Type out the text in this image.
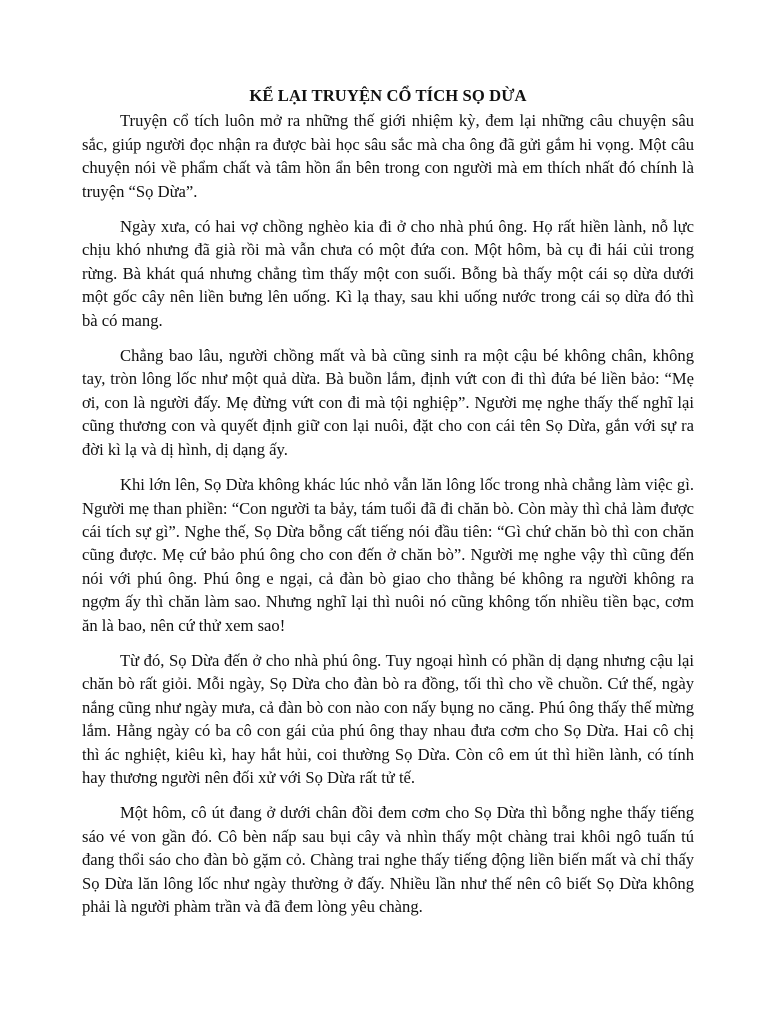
KỂ LẠI TRUYỆN CỔ TÍCH SỌ DỪA

Truyện cổ tích luôn mở ra những thế giới nhiệm kỳ, đem lại những câu chuyện sâu sắc, giúp người đọc nhận ra được bài học sâu sắc mà cha ông đã gửi gắm hi vọng. Một câu chuyện nói về phẩm chất và tâm hồn ẩn bên trong con người mà em thích nhất đó chính là truyện “Sọ Dừa”.

Ngày xưa, có hai vợ chồng nghèo kia đi ở cho nhà phú ông. Họ rất hiền lành, nỗ lực chịu khó nhưng đã già rồi mà vẫn chưa có một đứa con. Một hôm, bà cụ đi hái củi trong rừng. Bà khát quá nhưng chẳng tìm thấy một con suối. Bỗng bà thấy một cái sọ dừa dưới một gốc cây nên liền bưng lên uống. Kì lạ thay, sau khi uống nước trong cái sọ dừa đó thì bà có mang.

Chẳng bao lâu, người chồng mất và bà cũng sinh ra một cậu bé không chân, không tay, tròn lông lốc như một quả dừa. Bà buồn lắm, định vứt con đi thì đứa bé liền bảo: “Mẹ ơi, con là người đấy. Mẹ đừng vứt con đi mà tội nghiệp”. Người mẹ nghe thấy thế nghĩ lại cũng thương con và quyết định giữ con lại nuôi, đặt cho con cái tên Sọ Dừa, gắn với sự ra đời kì lạ và dị hình, dị dạng ấy.

Khi lớn lên, Sọ Dừa không khác lúc nhỏ vẫn lăn lông lốc trong nhà chẳng làm việc gì. Người mẹ than phiền: “Con người ta bảy, tám tuổi đã đi chăn bò. Còn mày thì chả làm được cái tích sự gì”. Nghe thế, Sọ Dừa bỗng cất tiếng nói đầu tiên: “Gì chứ chăn bò thì con chăn cũng được. Mẹ cứ bảo phú ông cho con đến ở chăn bò”. Người mẹ nghe vậy thì cũng đến nói với phú ông. Phú ông e ngại, cả đàn bò giao cho thằng bé không ra người không ra ngợm ấy thì chăn làm sao. Nhưng nghĩ lại thì nuôi nó cũng không tốn nhiều tiền bạc, cơm ăn là bao, nên cứ thử xem sao!

Từ đó, Sọ Dừa đến ở cho nhà phú ông. Tuy ngoại hình có phần dị dạng nhưng cậu lại chăn bò rất giỏi. Mỗi ngày, Sọ Dừa cho đàn bò ra đồng, tối thì cho về chuồn. Cứ thế, ngày nắng cũng như ngày mưa, cả đàn bò con nào con nấy bụng no căng. Phú ông thấy thế mừng lắm. Hằng ngày có ba cô con gái của phú ông thay nhau đưa cơm cho Sọ Dừa. Hai cô chị thì ác nghiệt, kiêu kì, hay hắt hủi, coi thường Sọ Dừa. Còn cô em út thì hiền lành, có tính hay thương người nên đối xử với Sọ Dừa rất tử tế.

Một hôm, cô út đang ở dưới chân đồi đem cơm cho Sọ Dừa thì bỗng nghe thấy tiếng sáo vé von gần đó. Cô bèn nấp sau bụi cây và nhìn thấy một chàng trai khôi ngô tuấn tú đang thổi sáo cho đàn bò gặm cỏ. Chàng trai nghe thấy tiếng động liền biến mất và chỉ thấy Sọ Dừa lăn lông lốc như ngày thường ở đấy. Nhiều lần như thế nên cô biết Sọ Dừa không phải là người phàm trần và đã đem lòng yêu chàng.
